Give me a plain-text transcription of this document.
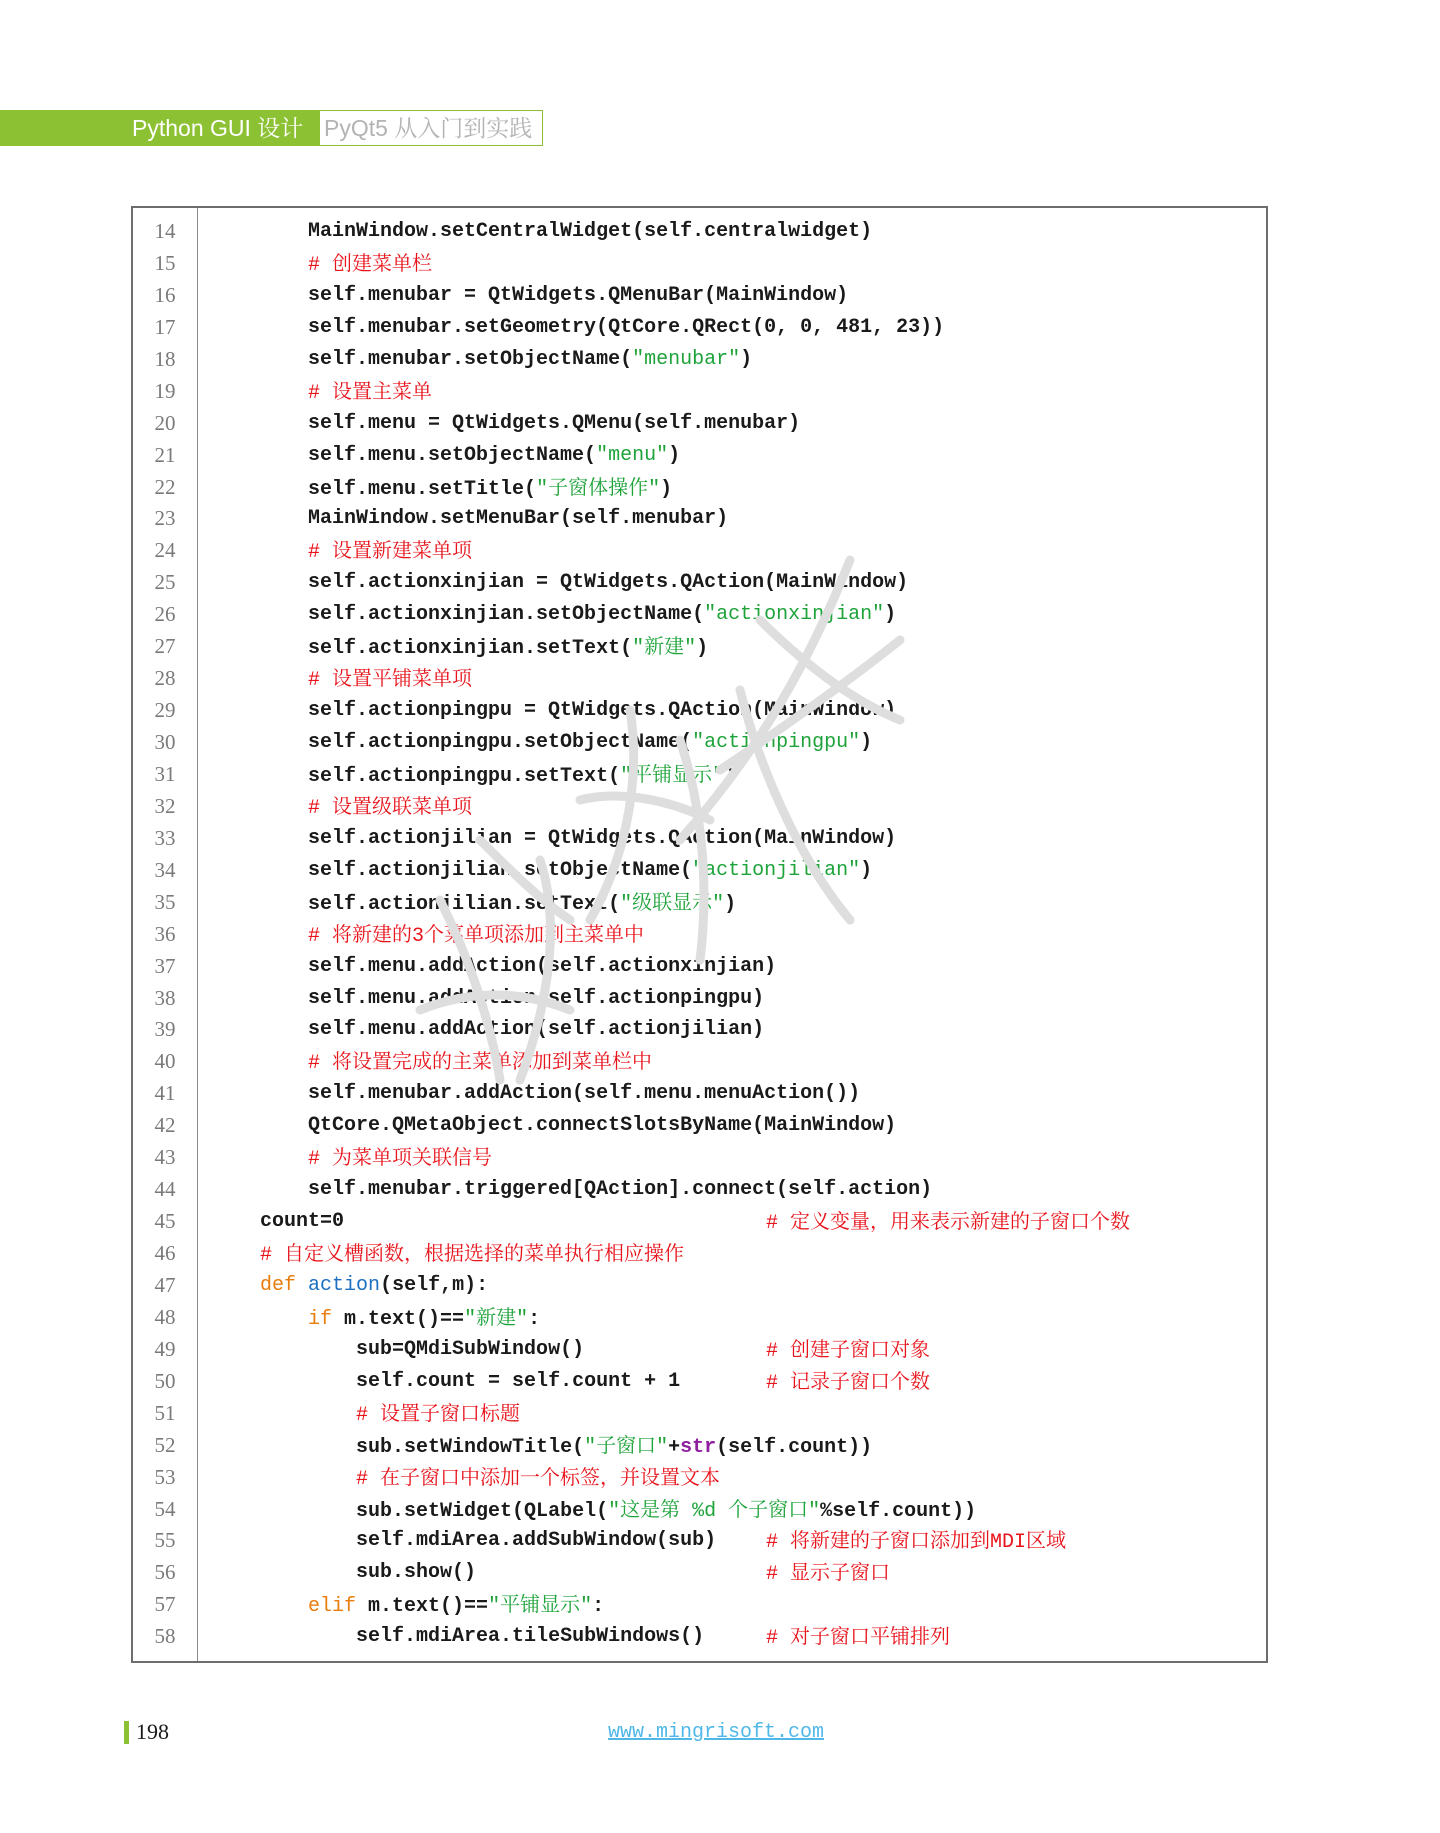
Python GUI 设计 PyQt5 从入门到实践
14	MainWindow.setCentralWidget(self.centralwidget)
15	# 创建菜单栏
16	self.menubar = QtWidgets.QMenuBar(MainWindow)
17	self.menubar.setGeometry(QtCore.QRect(0, 0, 481, 23))
18	self.menubar.setObjectName("menubar")
19	# 设置主菜单
20	self.menu = QtWidgets.QMenu(self.menubar)
21	self.menu.setObjectName("menu")
22	self.menu.setTitle("子窗体操作")
23	MainWindow.setMenuBar(self.menubar)
24	# 设置新建菜单项
25	self.actionxinjian = QtWidgets.QAction(MainWindow)
26	self.actionxinjian.setObjectName("actionxinjian")
27	self.actionxinjian.setText("新建")
28	# 设置平铺菜单项
29	self.actionpingpu = QtWidgets.QAction(MainWindow)
30	self.actionpingpu.setObjectName("actionpingpu")
31	self.actionpingpu.setText("平铺显示")
32	# 设置级联菜单项
33	self.actionjilian = QtWidgets.QAction(MainWindow)
34	self.actionjilian.setObjectName("actionjilian")
35	self.actionjilian.setText("级联显示")
36	# 将新建的3个菜单项添加到主菜单中
37	self.menu.addAction(self.actionxinjian)
38	self.menu.addAction(self.actionpingpu)
39	self.menu.addAction(self.actionjilian)
40	# 将设置完成的主菜单添加到菜单栏中
41	self.menubar.addAction(self.menu.menuAction())
42	QtCore.QMetaObject.connectSlotsByName(MainWindow)
43	# 为菜单项关联信号
44	self.menubar.triggered[QAction].connect(self.action)
45	count=0	# 定义变量，用来表示新建的子窗口个数
46	# 自定义槽函数，根据选择的菜单执行相应操作
47	def action(self,m):
48	if m.text()=="新建":
49	sub=QMdiSubWindow()	# 创建子窗口对象
50	self.count = self.count + 1	# 记录子窗口个数
51	# 设置子窗口标题
52	sub.setWindowTitle("子窗口"+str(self.count))
53	# 在子窗口中添加一个标签，并设置文本
54	sub.setWidget(QLabel("这是第 %d 个子窗口"%self.count))
55	self.mdiArea.addSubWindow(sub) # 将新建的子窗口添加到MDI区域
56	sub.show()	# 显示子窗口
57	elif m.text()=="平铺显示":
58	self.mdiArea.tileSubWindows()	# 对子窗口平铺排列
198	www.mingrisoft.com
